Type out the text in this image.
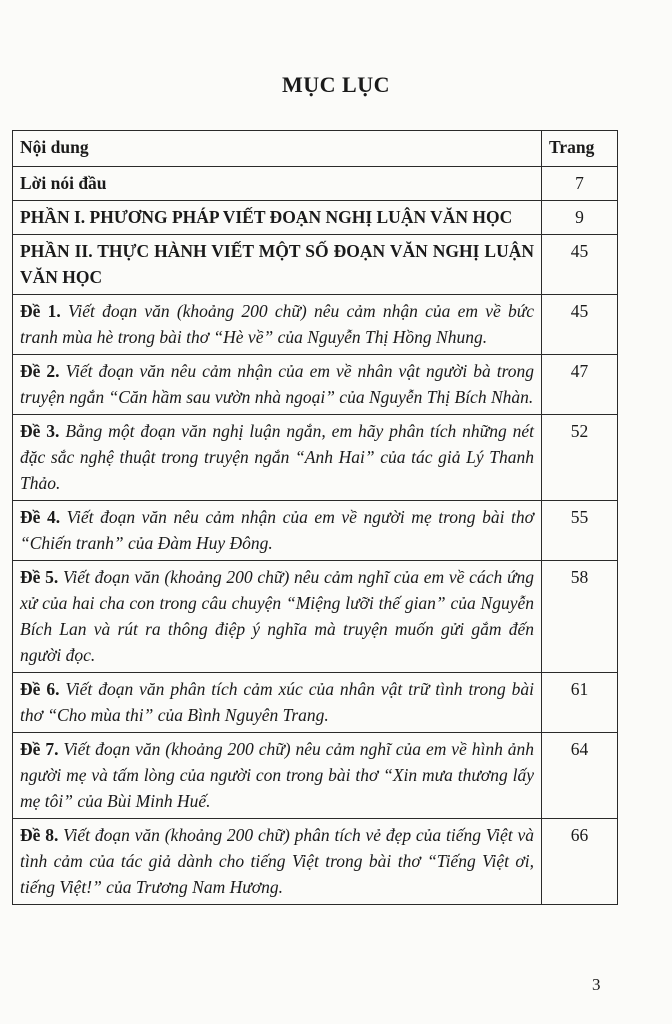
MỤC LỤC
Nội dung	Trang
Lời nói đầu	7
PHẦN I. PHƯƠNG PHÁP VIẾT ĐOẠN NGHỊ LUẬN VĂN HỌC	9
PHẦN II. THỰC HÀNH VIẾT MỘT SỐ ĐOẠN VĂN NGHỊ LUẬN VĂN HỌC	45
Đề 1. Viết đoạn văn (khoảng 200 chữ) nêu cảm nhận của em về bức tranh mùa hè trong bài thơ “Hè về” của Nguyễn Thị Hồng Nhung.	45
Đề 2. Viết đoạn văn nêu cảm nhận của em về nhân vật người bà trong truyện ngắn “Căn hầm sau vườn nhà ngoại” của Nguyễn Thị Bích Nhàn.	47
Đề 3. Bằng một đoạn văn nghị luận ngắn, em hãy phân tích những nét đặc sắc nghệ thuật trong truyện ngắn “Anh Hai” của tác giả Lý Thanh Thảo.	52
Đề 4. Viết đoạn văn nêu cảm nhận của em về người mẹ trong bài thơ “Chiến tranh” của Đàm Huy Đông.	55
Đề 5. Viết đoạn văn (khoảng 200 chữ) nêu cảm nghĩ của em về cách ứng xử của hai cha con trong câu chuyện “Miệng lưỡi thế gian” của Nguyễn Bích Lan và rút ra thông điệp ý nghĩa mà truyện muốn gửi gắm đến người đọc.	58
Đề 6. Viết đoạn văn phân tích cảm xúc của nhân vật trữ tình trong bài thơ “Cho mùa thi” của Bình Nguyên Trang.	61
Đề 7. Viết đoạn văn (khoảng 200 chữ) nêu cảm nghĩ của em về hình ảnh người mẹ và tấm lòng của người con trong bài thơ “Xin mưa thương lấy mẹ tôi” của Bùi Minh Huế.	64
Đề 8. Viết đoạn văn (khoảng 200 chữ) phân tích vẻ đẹp của tiếng Việt và tình cảm của tác giả dành cho tiếng Việt trong bài thơ “Tiếng Việt ơi, tiếng Việt!” của Trương Nam Hương.	66
3
